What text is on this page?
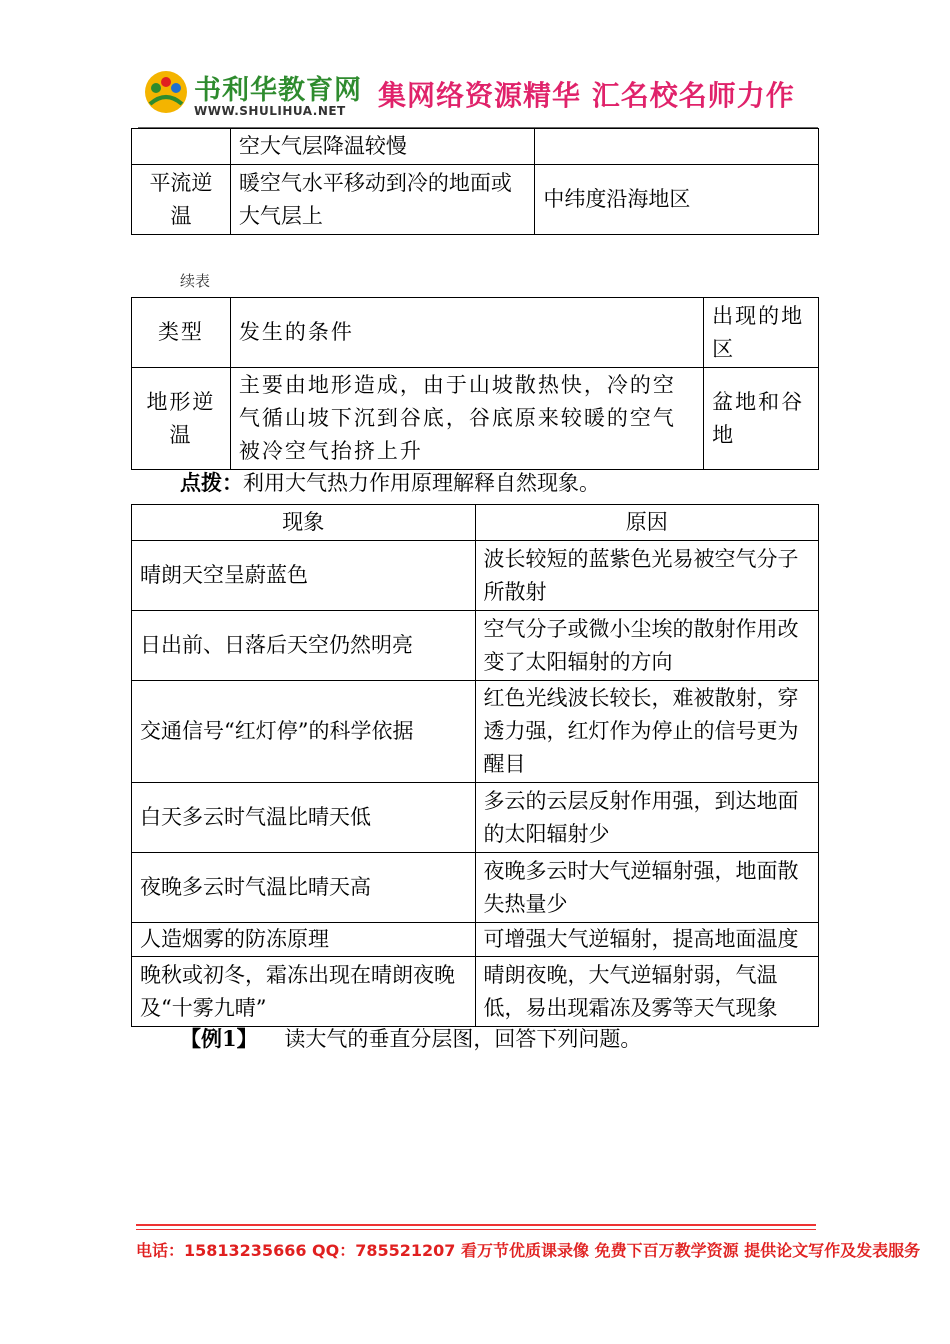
书利华教育网
WWW.SHULIHUA.NET 集网络资源精华 汇名校名师力作
	空大气层降温较慢	
平流逆温	暖空气水平移动到冷的地面或大气层上	中纬度沿海地区
续表
类型	发生的条件	出现的地区
地形逆温	主要由地形造成，由于山坡散热快，冷的空气循山坡下沉到谷底，谷底原来较暖的空气被冷空气抬挤上升	盆地和谷地
点拨：利用大气热力作用原理解释自然现象。
现象	原因
晴朗天空呈蔚蓝色	波长较短的蓝紫色光易被空气分子所散射
日出前、日落后天空仍然明亮	空气分子或微小尘埃的散射作用改变了太阳辐射的方向
交通信号“红灯停”的科学依据	红色光线波长较长，难被散射，穿透力强，红灯作为停止的信号更为醒目
白天多云时气温比晴天低	多云的云层反射作用强，到达地面的太阳辐射少
夜晚多云时气温比晴天高	夜晚多云时大气逆辐射强，地面散失热量少
人造烟雾的防冻原理	可增强大气逆辐射，提高地面温度
晚秋或初冬，霜冻出现在晴朗夜晚及“十雾九晴”	晴朗夜晚，大气逆辐射弱，气温低，易出现霜冻及雾等天气现象
【例1】 读大气的垂直分层图，回答下列问题。
电话：15813235666 QQ：785521207 看万节优质课录像 免费下百万教学资源 提供论文写作及发表服务
